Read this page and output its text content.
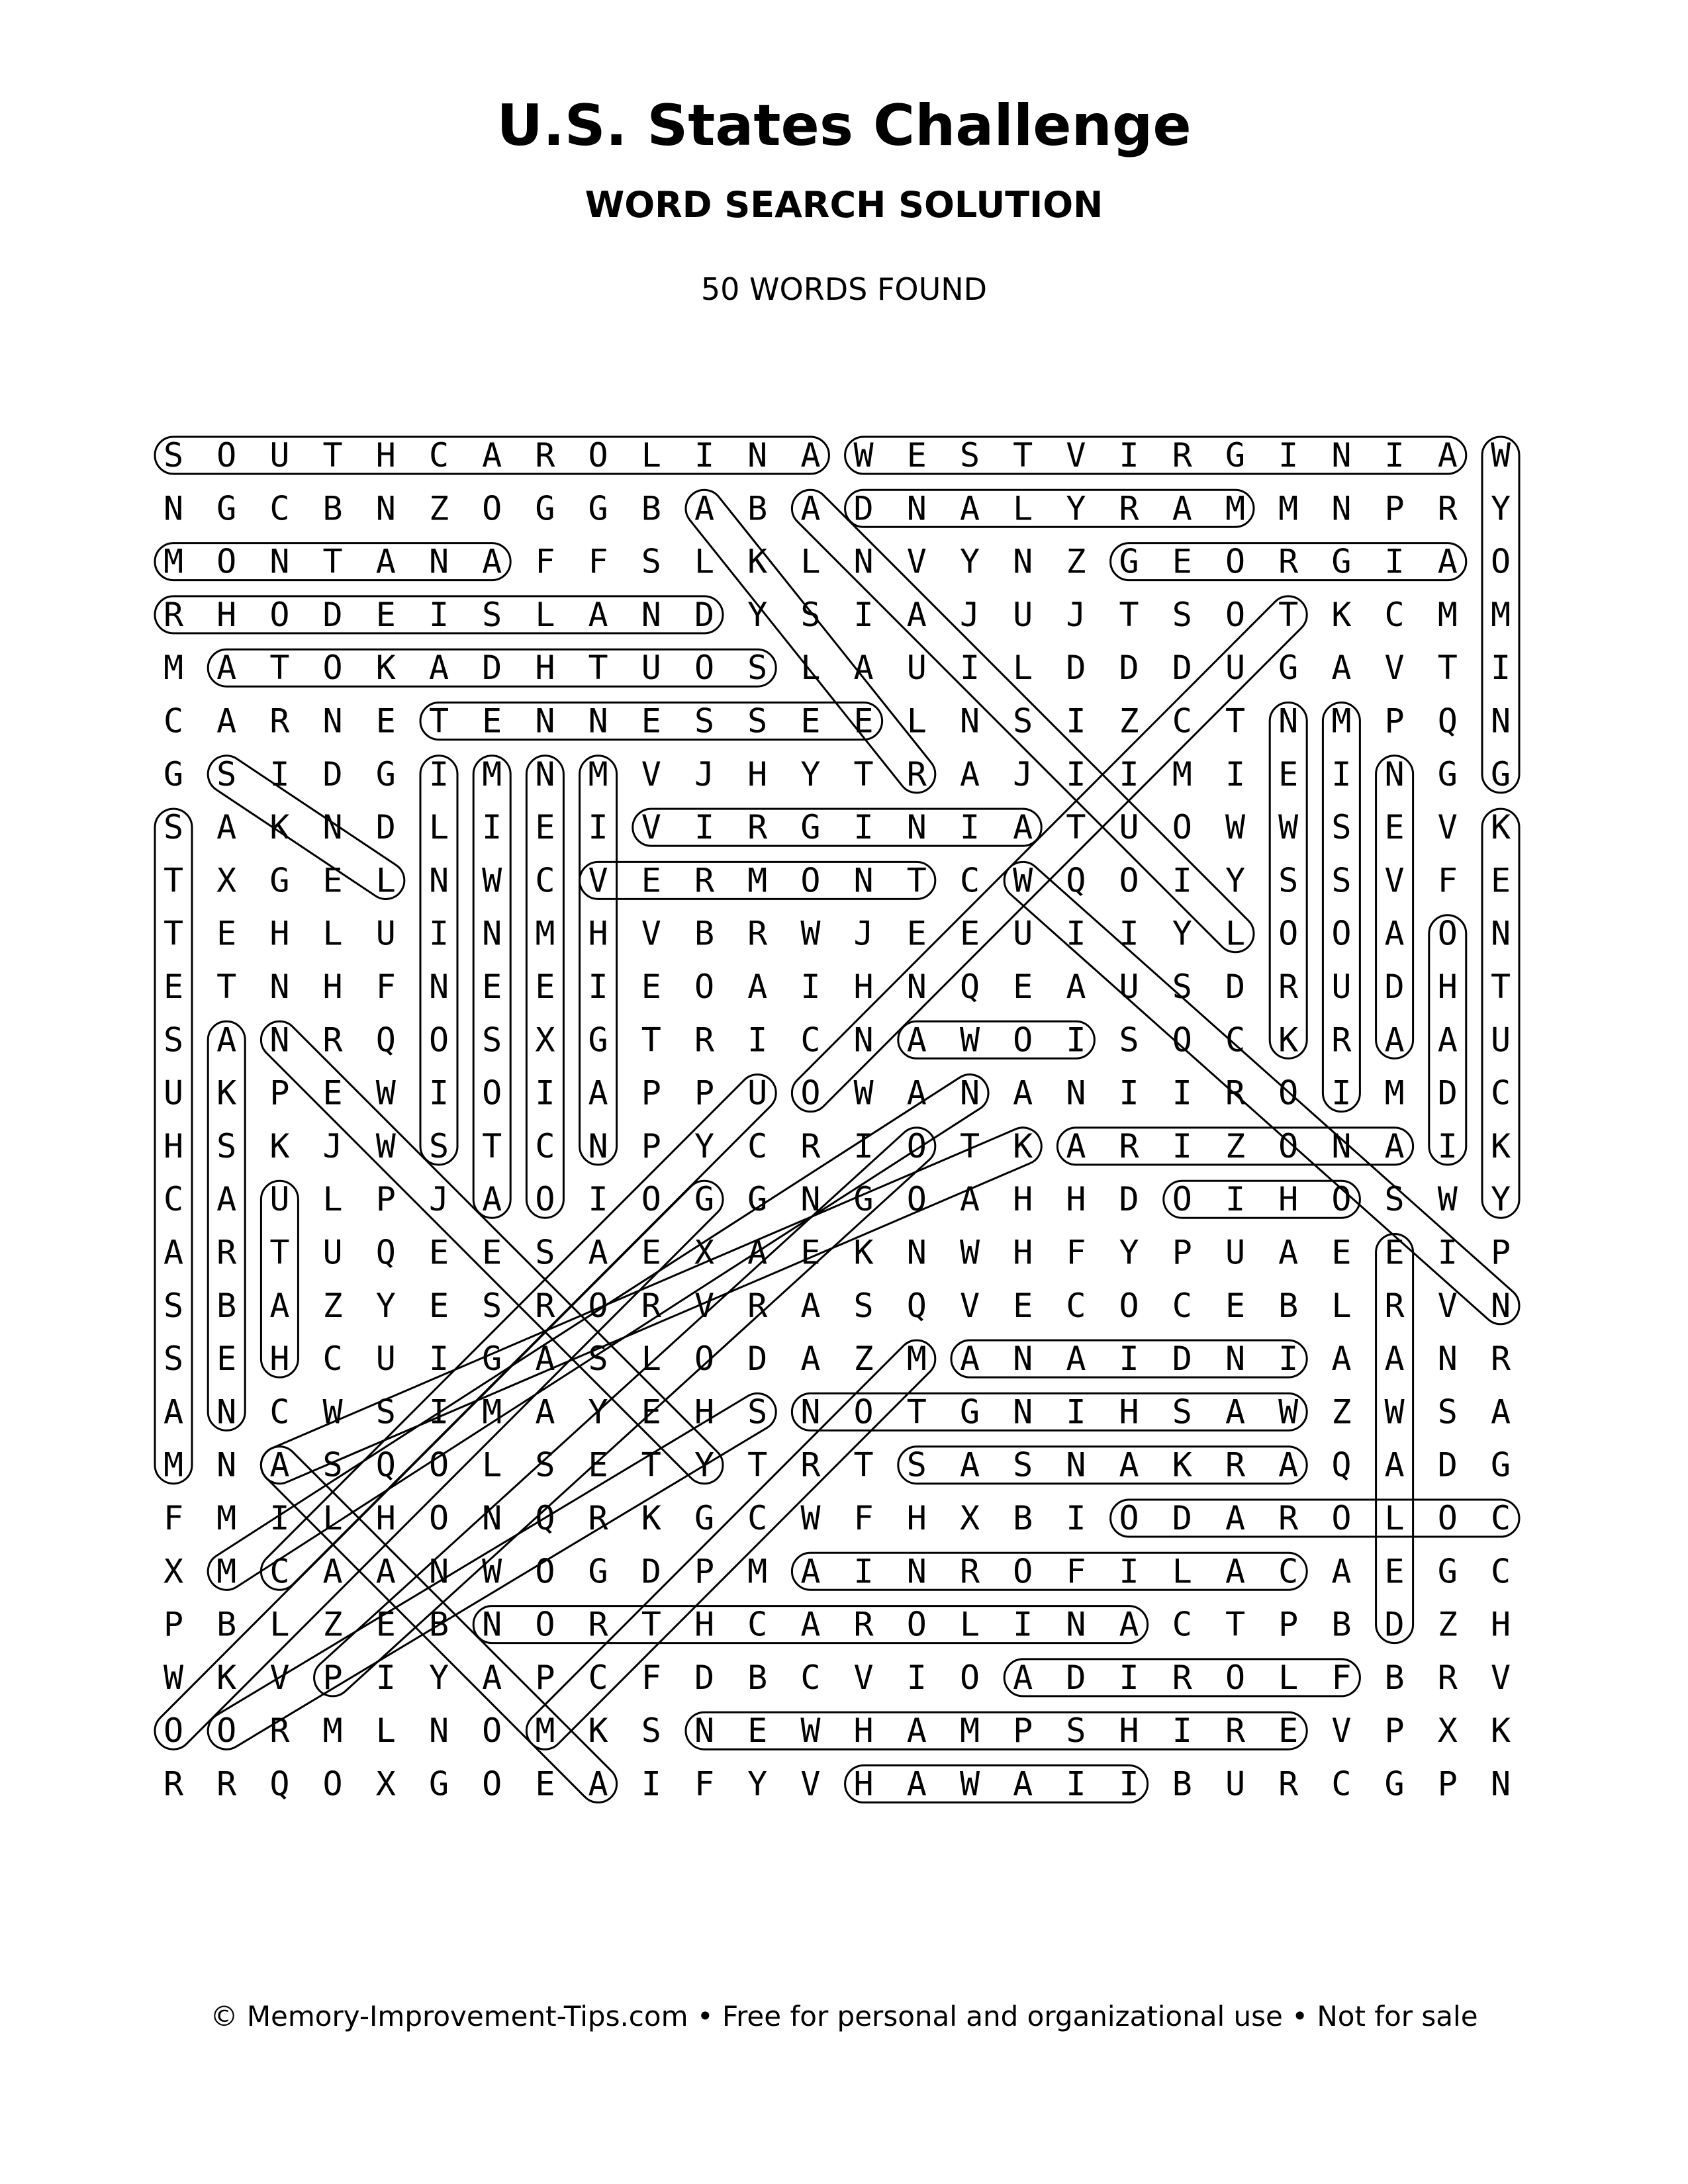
U.S. States Challenge
WORD SEARCH SOLUTION

50 WORDS FOUND

S O U T H C A R O L I N A W E S T V I R G I N I A W
N G C B N Z O G G B A B A D N A L Y R A M M N P R Y
M O N T A N A F F S L K L N V Y N Z G E O R G I A O
R H O D E I S L A N D Y S I A J U J T S O T K C M M
M A T O K A D H T U O S L A U I L D D D U G A V T I
C A R N E T E N N E S S E E L N S I Z C T N M P Q N
G S I D G I M N M V J H Y T R A J I I M I E I N G G
S A K N D L I E I V I R G I N I A T U O W W S E V K
T X G E L N W C V E R M O N T C W Q O I Y S S V F E
T E H L U I N M H V B R W J E E U I I Y L O O A O N
E T N H F N E E I E O A I H N Q E A U S D R U D H T
S A N R Q O S X G T R I C N A W O I S O C K R A A U
U K P E W I O I A P P U O W A N A N I I R O I M D C
H S K J W S T C N P Y C R I O T K A R I Z O N A I K
C A U L P J A O I O G G N G O A H H D O I H O S W Y
A R T U Q E E S A E X A E K N W H F Y P U A E E I P
S B A Z Y E S R O R V R A S Q V E C O C E B L R V N
S E H C U I G A S L O D A Z M A N A I D N I A A N R
A N C W S I M A Y E H S N O T G N I H S A W Z W S A
M N A S Q O L S E T Y T R T S A S N A K R A Q A D G
F M I L H O N Q R K G C W F H X B I O D A R O L O C
X M C A A N W O G D P M A I N R O F I L A C A E G C
P B L Z E B N O R T H C A R O L I N A C T P B D Z H
W K V P I Y A P C F D B C V I O A D I R O L F B R V
O O R M L N O M K S N E W H A M P S H I R E V P X K
R R Q O X G O E A I F Y V H A W A I I B U R C G P N

© Memory-Improvement-Tips.com • Free for personal and organizational use • Not for sale
